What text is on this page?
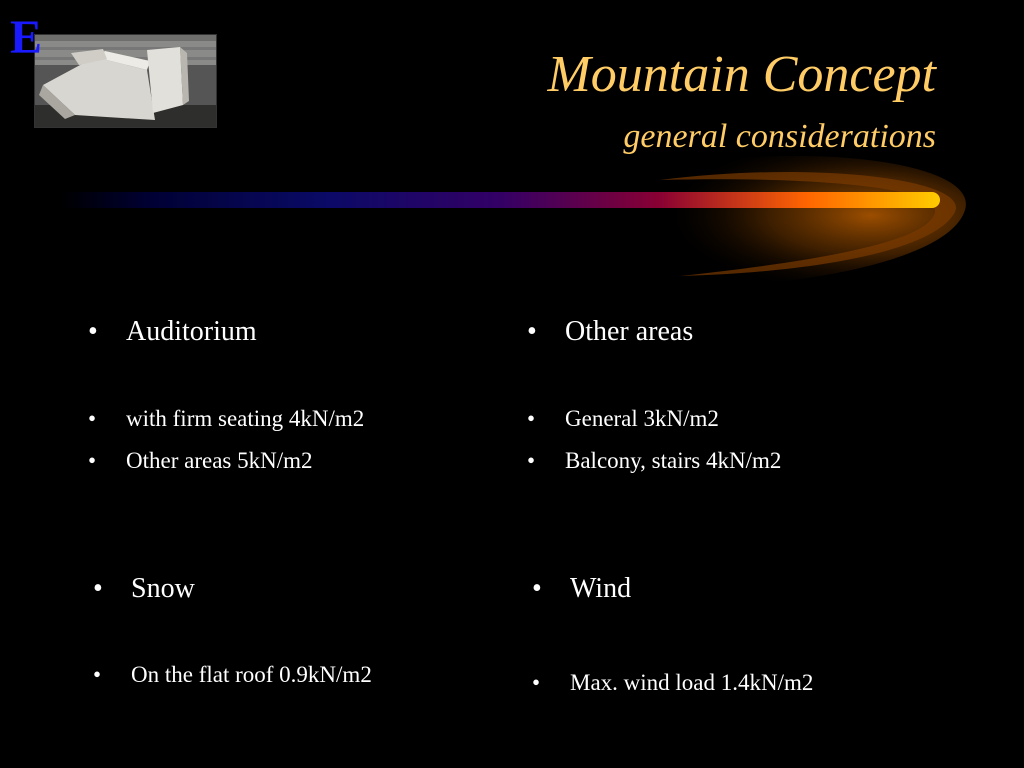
E
Mountain Concept
general considerations
•	Auditorium
•	with firm seating 4kN/m2
•	Other areas 5kN/m2
•	Other areas
•	General 3kN/m2
•	Balcony, stairs 4kN/m2
•	Snow
•	On the flat roof 0.9kN/m2
•	Wind
•	Max. wind load 1.4kN/m2
